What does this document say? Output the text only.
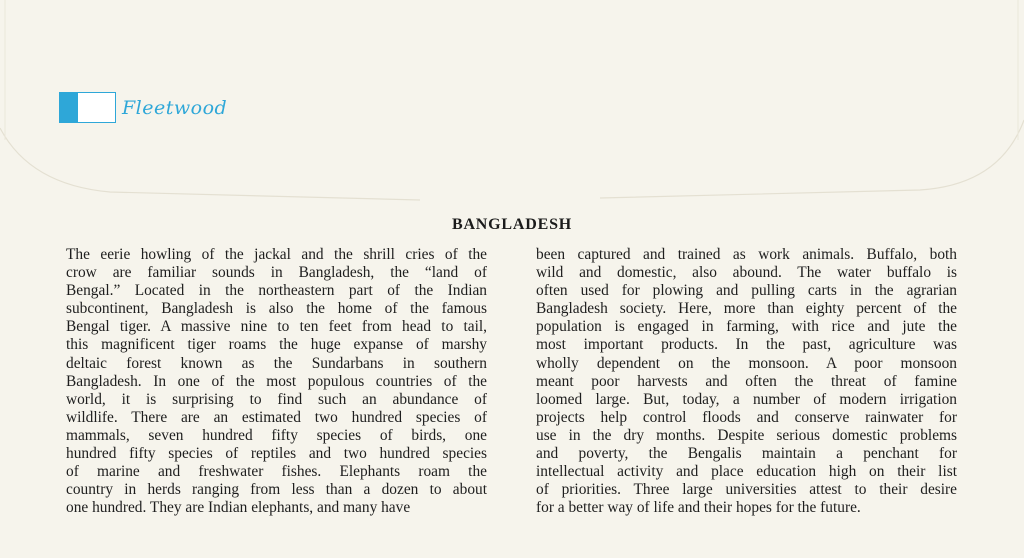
Fleetwood
BANGLADESH
The eerie howling of the jackal and the shrill cries of the
crow are familiar sounds in Bangladesh, the “land of
Bengal.” Located in the northeastern part of the Indian
subcontinent, Bangladesh is also the home of the famous
Bengal tiger. A massive nine to ten feet from head to tail,
this magnificent tiger roams the huge expanse of marshy
deltaic forest known as the Sundarbans in southern
Bangladesh. In one of the most populous countries of the
world, it is surprising to find such an abundance of
wildlife. There are an estimated two hundred species of
mammals, seven hundred fifty species of birds, one
hundred fifty species of reptiles and two hundred species
of marine and freshwater fishes. Elephants roam the
country in herds ranging from less than a dozen to about
one hundred. They are Indian elephants, and many have
been captured and trained as work animals. Buffalo, both
wild and domestic, also abound. The water buffalo is
often used for plowing and pulling carts in the agrarian
Bangladesh society. Here, more than eighty percent of the
population is engaged in farming, with rice and jute the
most important products. In the past, agriculture was
wholly dependent on the monsoon. A poor monsoon
meant poor harvests and often the threat of famine
loomed large. But, today, a number of modern irrigation
projects help control floods and conserve rainwater for
use in the dry months. Despite serious domestic problems
and poverty, the Bengalis maintain a penchant for
intellectual activity and place education high on their list
of priorities. Three large universities attest to their desire
for a better way of life and their hopes for the future.
